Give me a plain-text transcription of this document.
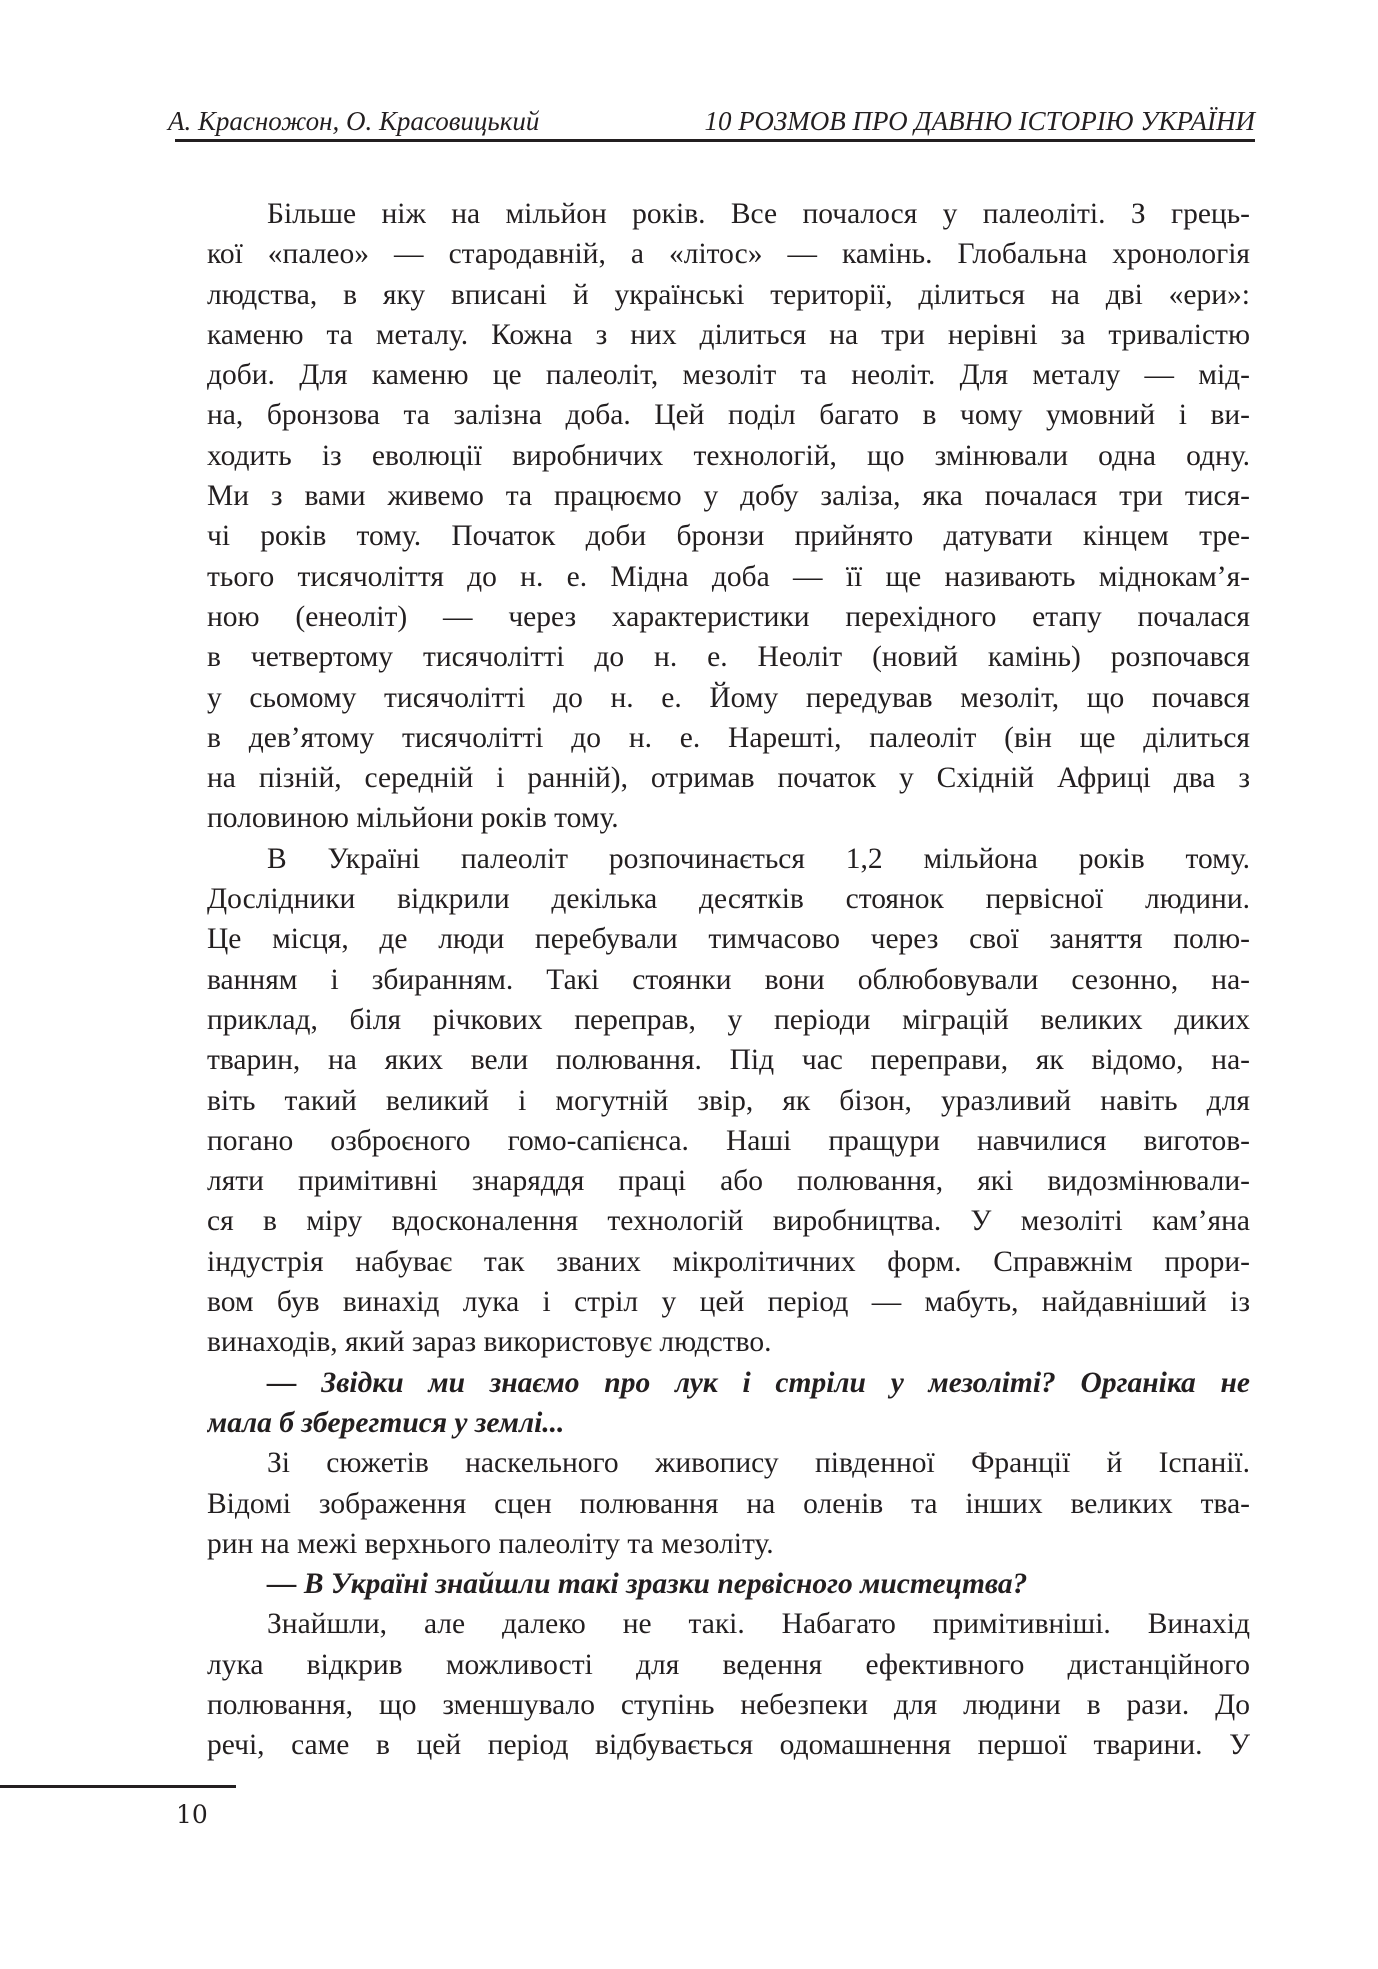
А. Красножон, О. Красовицький	10 РОЗМОВ ПРО ДАВНЮ ІСТОРІЮ УКРАЇНИ
Більше ніж на мільйон років. Все почалося у палеоліті. З грець-
кої «палео» — стародавній, а «літос» — камінь. Глобальна хронологія
людства, в яку вписані й українські території, ділиться на дві «ери»:
каменю та металу. Кожна з них ділиться на три нерівні за тривалістю
доби. Для каменю це палеоліт, мезоліт та неоліт. Для металу — мід-
на, бронзова та залізна доба. Цей поділ багато в чому умовний і ви-
ходить із еволюції виробничих технологій, що змінювали одна одну.
Ми з вами живемо та працюємо у добу заліза, яка почалася три тися-
чі років тому. Початок доби бронзи прийнято датувати кінцем тре-
тього тисячоліття до н. е. Мідна доба — її ще називають міднокам’я-
ною (енеоліт) — через характеристики перехідного етапу почалася
в четвертому тисячолітті до н. е. Неоліт (новий камінь) розпочався
у сьомому тисячолітті до н. е. Йому передував мезоліт, що почався
в дев’ятому тисячолітті до н. е. Нарешті, палеоліт (він ще ділиться
на пізній, середній і ранній), отримав початок у Східній Африці два з
половиною мільйони років тому.
В Україні палеоліт розпочинається 1,2 мільйона років тому.
Дослідники відкрили декілька десятків стоянок первісної людини.
Це місця, де люди перебували тимчасово через свої заняття полю-
ванням і збиранням. Такі стоянки вони облюбовували сезонно, на-
приклад, біля річкових переправ, у періоди міграцій великих диких
тварин, на яких вели полювання. Під час переправи, як відомо, на-
віть такий великий і могутній звір, як бізон, уразливий навіть для
погано озброєного гомо-сапієнса. Наші пращури навчилися виготов-
ляти примітивні знаряддя праці або полювання, які видозмінювали-
ся в міру вдосконалення технологій виробництва. У мезоліті кам’яна
індустрія набуває так званих мікролітичних форм. Справжнім прори-
вом був винахід лука і стріл у цей період — мабуть, найдавніший із
винаходів, який зараз використовує людство.
— Звідки ми знаємо про лук і стріли у мезоліті? Органіка не
мала б зберегтися у землі...
Зі сюжетів наскельного живопису південної Франції й Іспанії.
Відомі зображення сцен полювання на оленів та інших великих тва-
рин на межі верхнього палеоліту та мезоліту.
— В Україні знайшли такі зразки первісного мистецтва?
Знайшли, але далеко не такі. Набагато примітивніші. Винахід
лука відкрив можливості для ведення ефективного дистанційного
полювання, що зменшувало ступінь небезпеки для людини в рази. До
речі, саме в цей період відбувається одомашнення першої тварини. У
10
